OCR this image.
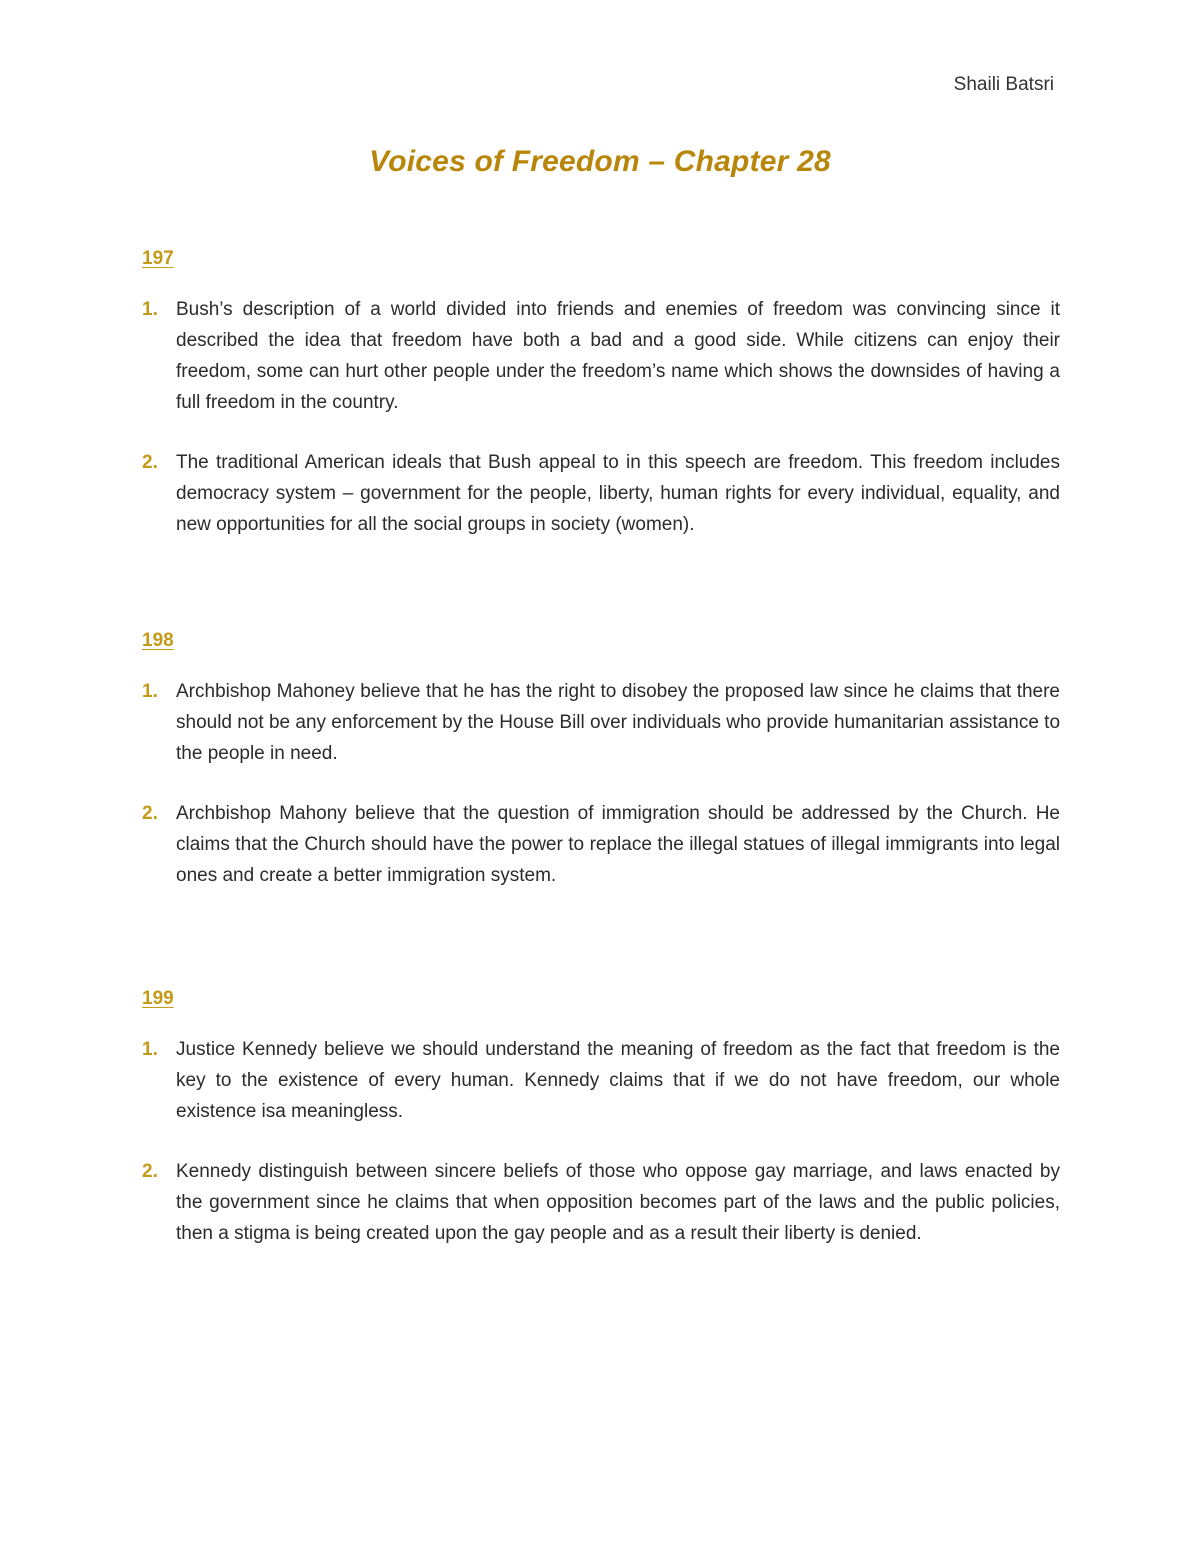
Shaili Batsri
Voices of Freedom – Chapter 28
197
1. Bush’s description of a world divided into friends and enemies of freedom was convincing since it described the idea that freedom have both a bad and a good side. While citizens can enjoy their freedom, some can hurt other people under the freedom’s name which shows the downsides of having a full freedom in the country.
2. The traditional American ideals that Bush appeal to in this speech are freedom. This freedom includes democracy system – government for the people, liberty, human rights for every individual, equality, and new opportunities for all the social groups in society (women).
198
1. Archbishop Mahoney believe that he has the right to disobey the proposed law since he claims that there should not be any enforcement by the House Bill over individuals who provide humanitarian assistance to the people in need.
2. Archbishop Mahony believe that the question of immigration should be addressed by the Church. He claims that the Church should have the power to replace the illegal statues of illegal immigrants into legal ones and create a better immigration system.
199
1. Justice Kennedy believe we should understand the meaning of freedom as the fact that freedom is the key to the existence of every human. Kennedy claims that if we do not have freedom, our whole existence isa meaningless.
2. Kennedy distinguish between sincere beliefs of those who oppose gay marriage, and laws enacted by the government since he claims that when opposition becomes part of the laws and the public policies, then a stigma is being created upon the gay people and as a result their liberty is denied.
